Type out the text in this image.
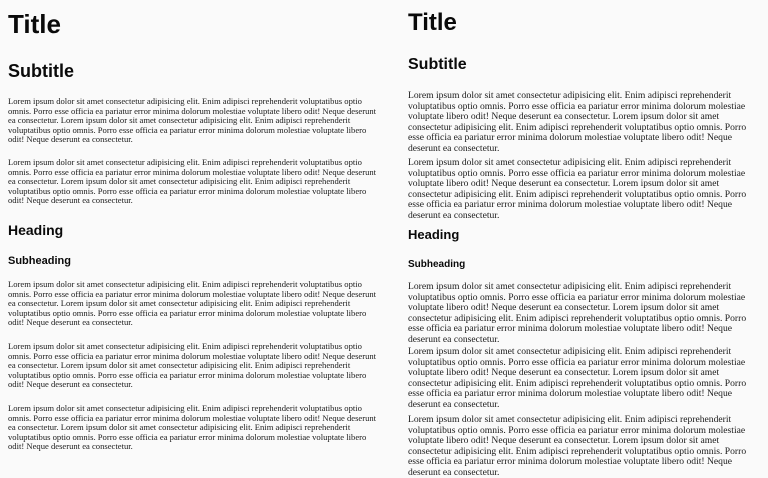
Title
Subtitle

Lorem ipsum dolor sit amet consectetur adipisicing elit. Enim adipisci reprehenderit voluptatibus optio omnis. Porro esse officia ea pariatur error minima dolorum molestiae voluptate libero odit! Neque deserunt ea consectetur. Lorem ipsum dolor sit amet consectetur adipisicing elit. Enim adipisci reprehenderit voluptatibus optio omnis. Porro esse officia ea pariatur error minima dolorum molestiae voluptate libero odit! Neque deserunt ea consectetur.

Lorem ipsum dolor sit amet consectetur adipisicing elit. Enim adipisci reprehenderit voluptatibus optio omnis. Porro esse officia ea pariatur error minima dolorum molestiae voluptate libero odit! Neque deserunt ea consectetur. Lorem ipsum dolor sit amet consectetur adipisicing elit. Enim adipisci reprehenderit voluptatibus optio omnis. Porro esse officia ea pariatur error minima dolorum molestiae voluptate libero odit! Neque deserunt ea consectetur.

Heading
Subheading

Lorem ipsum dolor sit amet consectetur adipisicing elit. Enim adipisci reprehenderit voluptatibus optio omnis. Porro esse officia ea pariatur error minima dolorum molestiae voluptate libero odit! Neque deserunt ea consectetur. Lorem ipsum dolor sit amet consectetur adipisicing elit. Enim adipisci reprehenderit voluptatibus optio omnis. Porro esse officia ea pariatur error minima dolorum molestiae voluptate libero odit! Neque deserunt ea consectetur.

Lorem ipsum dolor sit amet consectetur adipisicing elit. Enim adipisci reprehenderit voluptatibus optio omnis. Porro esse officia ea pariatur error minima dolorum molestiae voluptate libero odit! Neque deserunt ea consectetur. Lorem ipsum dolor sit amet consectetur adipisicing elit. Enim adipisci reprehenderit voluptatibus optio omnis. Porro esse officia ea pariatur error minima dolorum molestiae voluptate libero odit! Neque deserunt ea consectetur.

Lorem ipsum dolor sit amet consectetur adipisicing elit. Enim adipisci reprehenderit voluptatibus optio omnis. Porro esse officia ea pariatur error minima dolorum molestiae voluptate libero odit! Neque deserunt ea consectetur. Lorem ipsum dolor sit amet consectetur adipisicing elit. Enim adipisci reprehenderit voluptatibus optio omnis. Porro esse officia ea pariatur error minima dolorum molestiae voluptate libero odit! Neque deserunt ea consectetur.

Title
Subtitle

Lorem ipsum dolor sit amet consectetur adipisicing elit. Enim adipisci reprehenderit voluptatibus optio omnis. Porro esse officia ea pariatur error minima dolorum molestiae voluptate libero odit! Neque deserunt ea consectetur. Lorem ipsum dolor sit amet consectetur adipisicing elit. Enim adipisci reprehenderit voluptatibus optio omnis. Porro esse officia ea pariatur error minima dolorum molestiae voluptate libero odit! Neque deserunt ea consectetur.

Lorem ipsum dolor sit amet consectetur adipisicing elit. Enim adipisci reprehenderit voluptatibus optio omnis. Porro esse officia ea pariatur error minima dolorum molestiae voluptate libero odit! Neque deserunt ea consectetur. Lorem ipsum dolor sit amet consectetur adipisicing elit. Enim adipisci reprehenderit voluptatibus optio omnis. Porro esse officia ea pariatur error minima dolorum molestiae voluptate libero odit! Neque deserunt ea consectetur.

Heading
Subheading

Lorem ipsum dolor sit amet consectetur adipisicing elit. Enim adipisci reprehenderit voluptatibus optio omnis. Porro esse officia ea pariatur error minima dolorum molestiae voluptate libero odit! Neque deserunt ea consectetur. Lorem ipsum dolor sit amet consectetur adipisicing elit. Enim adipisci reprehenderit voluptatibus optio omnis. Porro esse officia ea pariatur error minima dolorum molestiae voluptate libero odit! Neque deserunt ea consectetur.

Lorem ipsum dolor sit amet consectetur adipisicing elit. Enim adipisci reprehenderit voluptatibus optio omnis. Porro esse officia ea pariatur error minima dolorum molestiae voluptate libero odit! Neque deserunt ea consectetur. Lorem ipsum dolor sit amet consectetur adipisicing elit. Enim adipisci reprehenderit voluptatibus optio omnis. Porro esse officia ea pariatur error minima dolorum molestiae voluptate libero odit! Neque deserunt ea consectetur.

Lorem ipsum dolor sit amet consectetur adipisicing elit. Enim adipisci reprehenderit voluptatibus optio omnis. Porro esse officia ea pariatur error minima dolorum molestiae voluptate libero odit! Neque deserunt ea consectetur. Lorem ipsum dolor sit amet consectetur adipisicing elit. Enim adipisci reprehenderit voluptatibus optio omnis. Porro esse officia ea pariatur error minima dolorum molestiae voluptate libero odit! Neque deserunt ea consectetur.
